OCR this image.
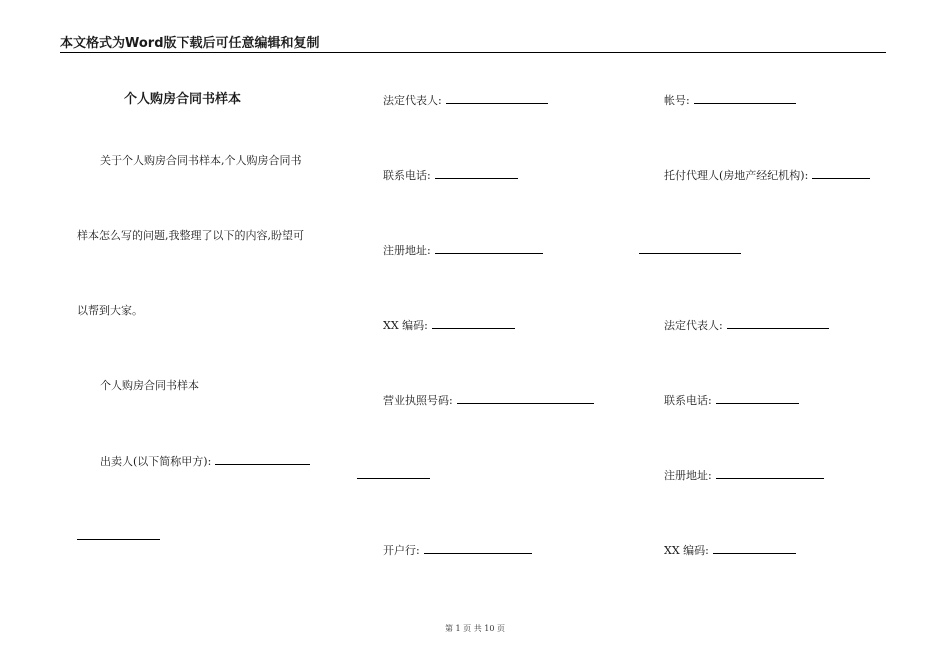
本文格式为Word版下载后可任意编辑和复制
个人购房合同书样本
关于个人购房合同书样本,个人购房合同书
样本怎么写的问题,我整理了以下的内容,盼望可
以帮到大家。
个人购房合同书样本
出卖人(以下简称甲方):
法定代表人:
联系电话:
注册地址:
XX 编码:
营业执照号码:
开户行:
帐号:
托付代理人(房地产经纪机构):
法定代表人:
联系电话:
注册地址:
XX 编码:
第 1 页 共 10 页
